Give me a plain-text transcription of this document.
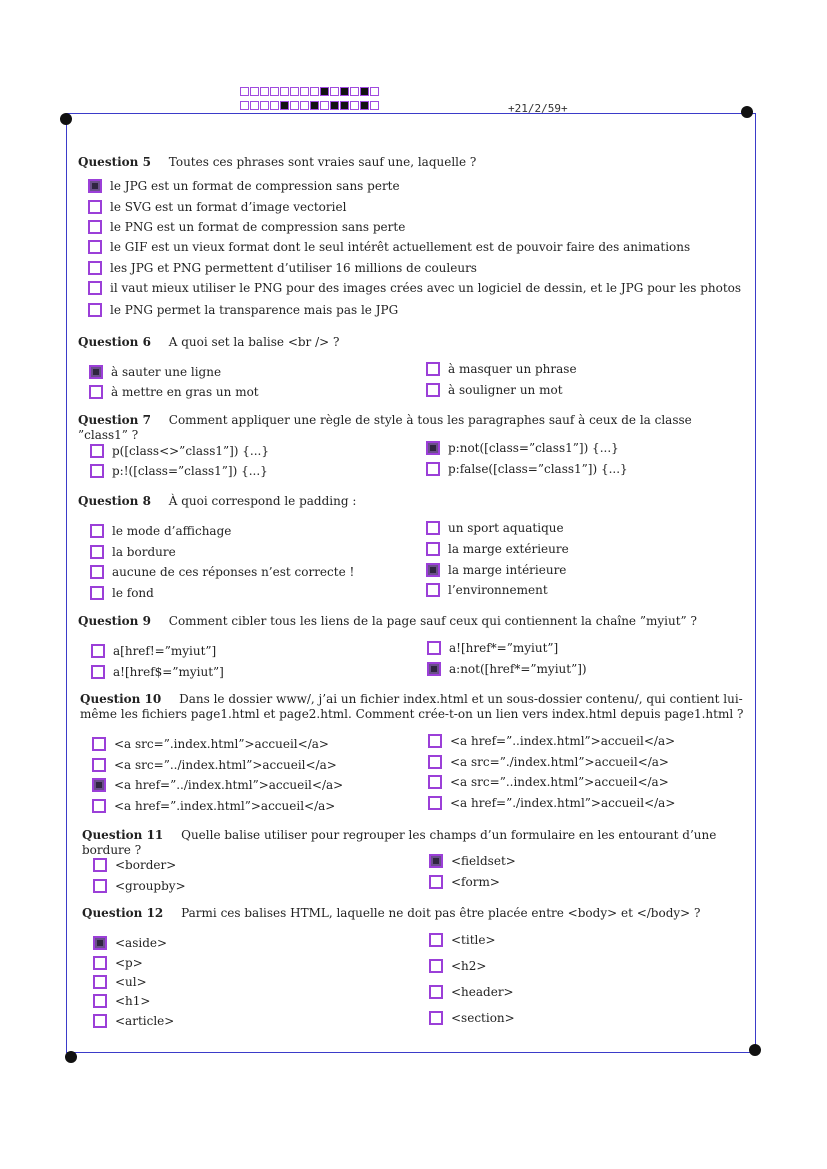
+21/2/59+
Question 5 Toutes ces phrases sont vraies sauf une, laquelle ?
le JPG est un format de compression sans perte
le SVG est un format d’image vectoriel
le PNG est un format de compression sans perte
le GIF est un vieux format dont le seul intérêt actuellement est de pouvoir faire des animations
les JPG et PNG permettent d’utiliser 16 millions de couleurs
il vaut mieux utiliser le PNG pour des images crées avec un logiciel de dessin, et le JPG pour les photos
le PNG permet la transparence mais pas le JPG
Question 6 A quoi set la balise <br /> ?
à sauter une ligne
à mettre en gras un mot
à masquer un phrase
à souligner un mot
Question 7 Comment appliquer une règle de style à tous les paragraphes sauf à ceux de la classe ”class1” ?
p([class<>”class1”]) {...}
p:!([class=”class1”]) {...}
p:not([class=”class1”]) {...}
p:false([class=”class1”]) {...}
Question 8 À quoi correspond le padding :
le mode d’affichage
la bordure
aucune de ces réponses n’est correcte !
le fond
un sport aquatique
la marge extérieure
la marge intérieure
l’environnement
Question 9 Comment cibler tous les liens de la page sauf ceux qui contiennent la chaîne ”myiut” ?
a[href!=”myiut”]
a![href$=”myiut”]
a![href*=”myiut”]
a:not([href*=”myiut”])
Question 10 Dans le dossier www/, j’ai un fichier index.html et un sous-dossier contenu/, qui contient lui-même les fichiers page1.html et page2.html. Comment crée-t-on un lien vers index.html depuis page1.html ?
<a src=”.index.html”>accueil</a>
<a src=”../index.html”>accueil</a>
<a href=”../index.html”>accueil</a>
<a href=”.index.html”>accueil</a>
<a href=”..index.html”>accueil</a>
<a src=”./index.html”>accueil</a>
<a src=”..index.html”>accueil</a>
<a href=”./index.html”>accueil</a>
Question 11 Quelle balise utiliser pour regrouper les champs d’un formulaire en les entourant d’une bordure ?
<border>
<groupby>
<fieldset>
<form>
Question 12 Parmi ces balises HTML, laquelle ne doit pas être placée entre <body> et </body> ?
<aside>
<p>
<ul>
<h1>
<article>
<title>
<h2>
<header>
<section>
